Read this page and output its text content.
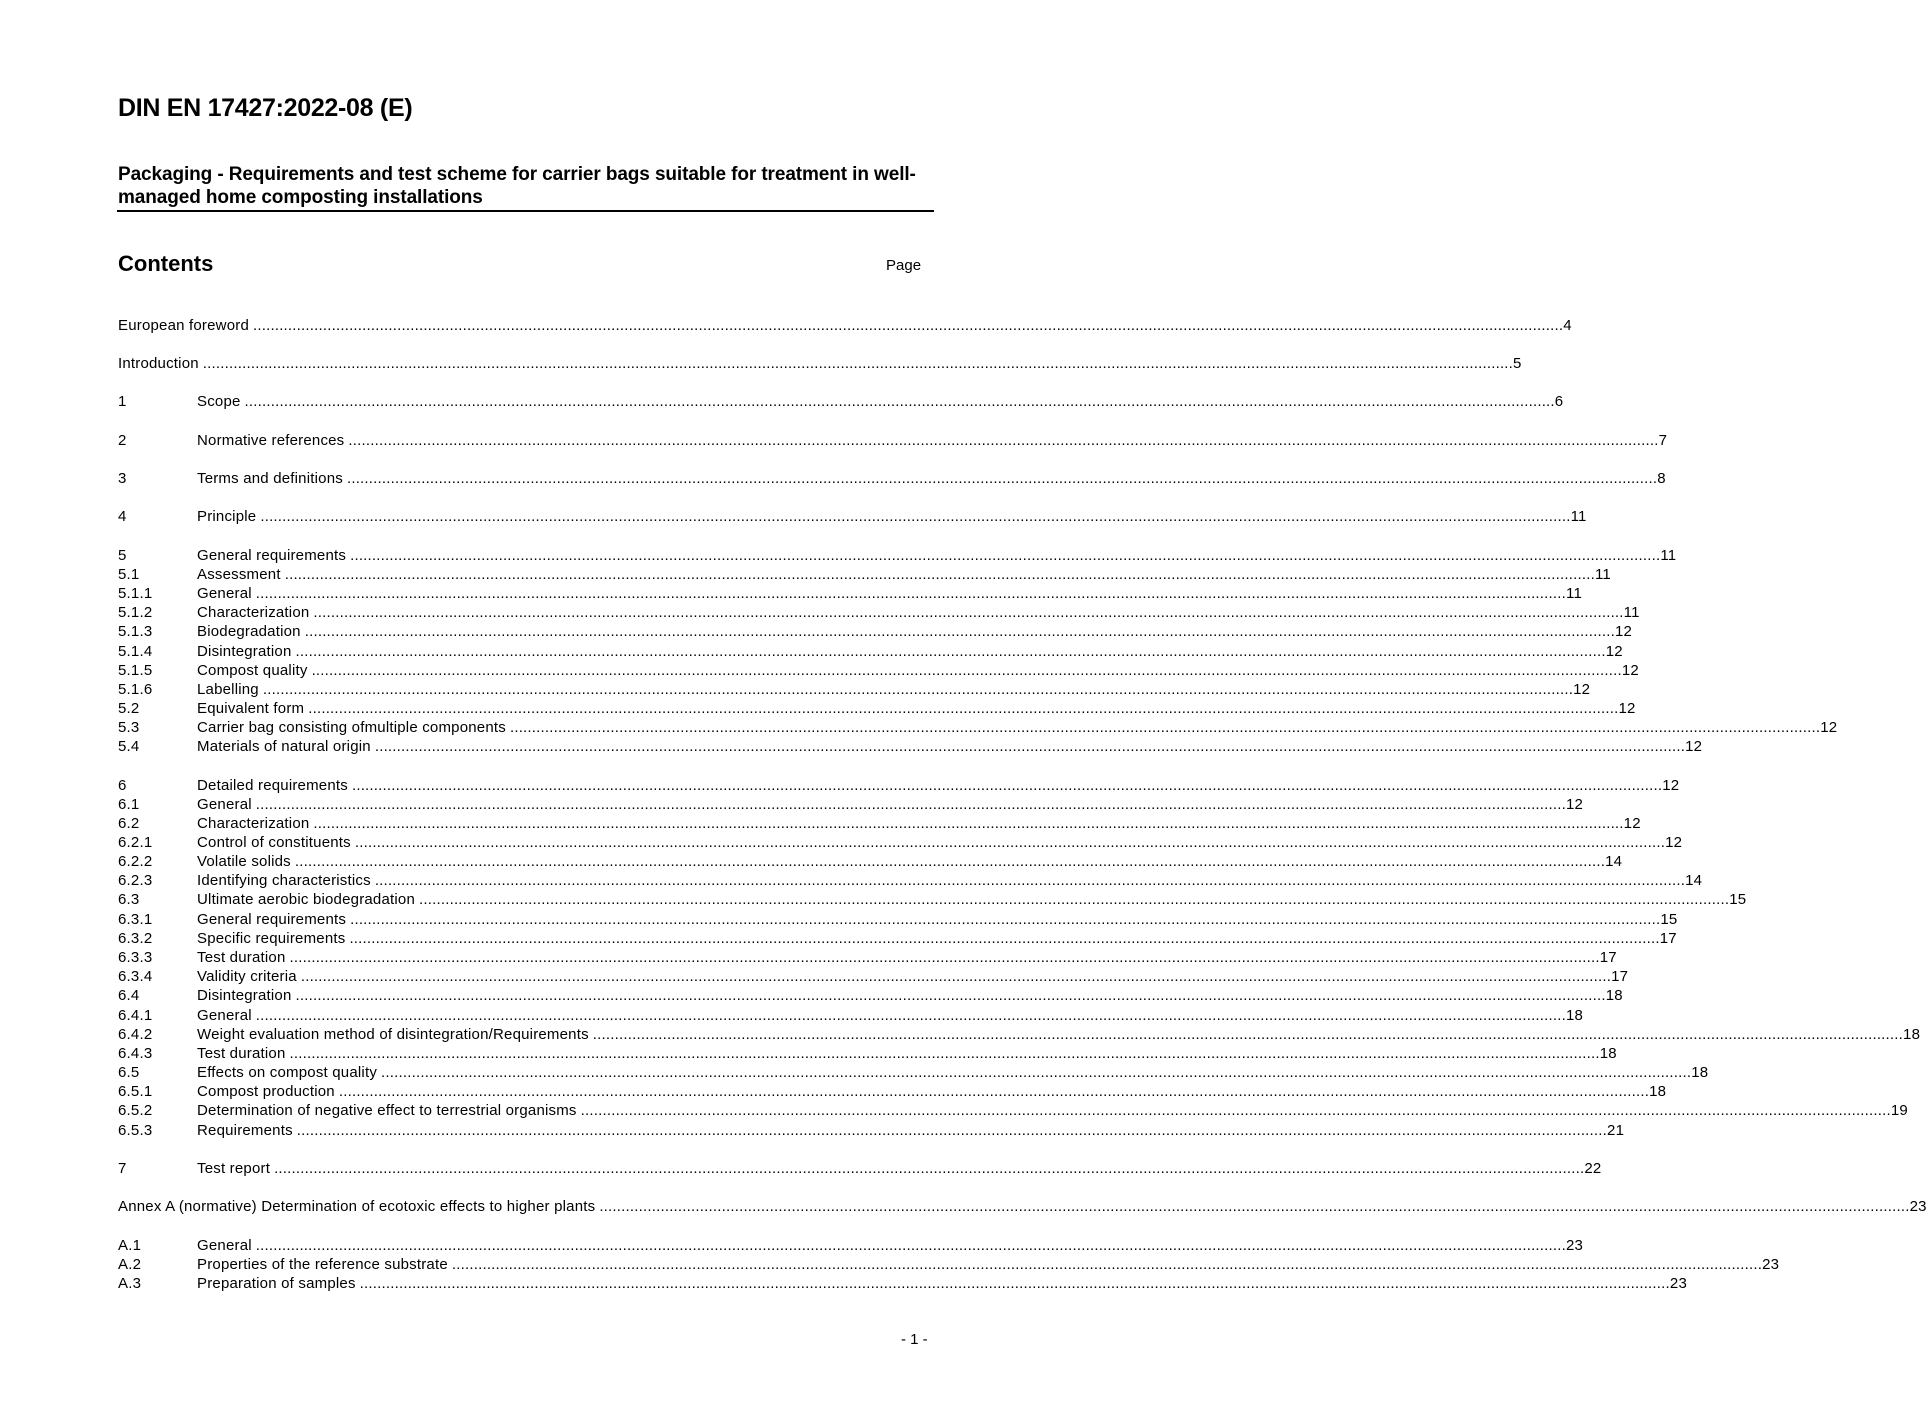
DIN EN 17427:2022-08 (E)
Packaging - Requirements and test scheme for carrier bags suitable for treatment in well-managed home composting installations
Contents	Page
European foreword ............................................................................................................................................................................................................................................................................................................ 4
Introduction ............................................................................................................................................................................................................................................................................................................ 5
1	Scope ............................................................................................................................................................................................................................................................................................................ 6
2	Normative references ............................................................................................................................................................................................................................................................................................................ 7
3	Terms and definitions ............................................................................................................................................................................................................................................................................................................ 8
4	Principle ............................................................................................................................................................................................................................................................................................................ 11
5	General requirements ............................................................................................................................................................................................................................................................................................................ 11
5.1	Assessment ............................................................................................................................................................................................................................................................................................................ 11
5.1.1	General ............................................................................................................................................................................................................................................................................................................ 11
5.1.2	Characterization ............................................................................................................................................................................................................................................................................................................ 11
5.1.3	Biodegradation ............................................................................................................................................................................................................................................................................................................ 12
5.1.4	Disintegration ............................................................................................................................................................................................................................................................................................................ 12
5.1.5	Compost quality ............................................................................................................................................................................................................................................................................................................ 12
5.1.6	Labelling ............................................................................................................................................................................................................................................................................................................ 12
5.2	Equivalent form ............................................................................................................................................................................................................................................................................................................ 12
5.3	Carrier bag consisting ofmultiple components ............................................................................................................................................................................................................................................................................................................ 12
5.4	Materials of natural origin ............................................................................................................................................................................................................................................................................................................ 12
6	Detailed requirements ............................................................................................................................................................................................................................................................................................................ 12
6.1	General ............................................................................................................................................................................................................................................................................................................ 12
6.2	Characterization ............................................................................................................................................................................................................................................................................................................ 12
6.2.1	Control of constituents ............................................................................................................................................................................................................................................................................................................ 12
6.2.2	Volatile solids ............................................................................................................................................................................................................................................................................................................ 14
6.2.3	Identifying characteristics ............................................................................................................................................................................................................................................................................................................ 14
6.3	Ultimate aerobic biodegradation ............................................................................................................................................................................................................................................................................................................ 15
6.3.1	General requirements ............................................................................................................................................................................................................................................................................................................ 15
6.3.2	Specific requirements ............................................................................................................................................................................................................................................................................................................ 17
6.3.3	Test duration ............................................................................................................................................................................................................................................................................................................ 17
6.3.4	Validity criteria ............................................................................................................................................................................................................................................................................................................ 17
6.4	Disintegration ............................................................................................................................................................................................................................................................................................................ 18
6.4.1	General ............................................................................................................................................................................................................................................................................................................ 18
6.4.2	Weight evaluation method of disintegration/Requirements ............................................................................................................................................................................................................................................................................................................ 18
6.4.3	Test duration ............................................................................................................................................................................................................................................................................................................ 18
6.5	Effects on compost quality ............................................................................................................................................................................................................................................................................................................ 18
6.5.1	Compost production ............................................................................................................................................................................................................................................................................................................ 18
6.5.2	Determination of negative effect to terrestrial organisms ............................................................................................................................................................................................................................................................................................................ 19
6.5.3	Requirements ............................................................................................................................................................................................................................................................................................................ 21
7	Test report ............................................................................................................................................................................................................................................................................................................ 22
Annex A (normative) Determination of ecotoxic effects to higher plants ............................................................................................................................................................................................................................................................................................................ 23
A.1	General ............................................................................................................................................................................................................................................................................................................ 23
A.2	Properties of the reference substrate ............................................................................................................................................................................................................................................................................................................ 23
A.3	Preparation of samples ............................................................................................................................................................................................................................................................................................................ 23
- 1 -
